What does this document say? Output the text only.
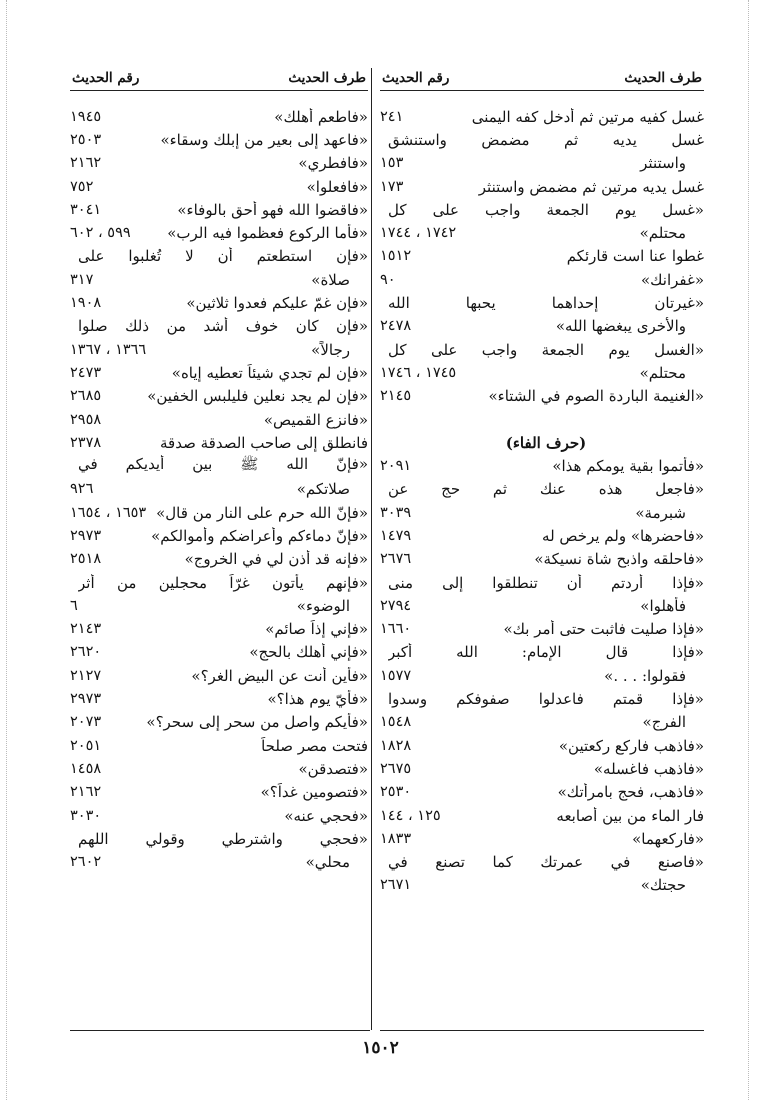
طرف الحديث
رقم الحديث
غسل كفيه مرتين ثم أدخل كفه اليمنى
٢٤١
غسل يديه ثم مضمض واستنشق
واستنثر
١٥٣
غسل يديه مرتين ثم مضمض واستنثر
١٧٣
«غسل يوم الجمعة واجب على كل
محتلم»
١٧٤٢ ، ١٧٤٤
غطوا عنا است قارئكم
١٥١٢
«غفرانك»
٩٠
«غيرتان إحداهما يحبها الله
والأخرى يبغضها الله»
٢٤٧٨
«الغسل يوم الجمعة واجب على كل
محتلم»
١٧٤٥ ، ١٧٤٦
«الغنيمة الباردة الصوم في الشتاء»
٢١٤٥
(حرف الفاء)
«فأتموا بقية يومكم هذا»
٢٠٩١
«فاجعل هذه عنك ثم حج عن
شبرمة»
٣٠٣٩
«فاحضرها» ولم يرخص له
١٤٧٩
«فاحلقه واذبح شاة نسيكة»
٢٦٧٦
«فإذا أردتم أن تنطلقوا إلى منى
فأهلوا»
٢٧٩٤
«فإذا صليت فاثبت حتى أمر بك»
١٦٦٠
«فإذا قال الإمام: الله أكبر
فقولوا: . . .»
١٥٧٧
«فإذا قمتم فاعدلوا صفوفكم وسدوا
الفرج»
١٥٤٨
«فاذهب فاركع ركعتين»
١٨٢٨
«فاذهب فاغسله»
٢٦٧٥
«فاذهب، فحج بامرأتك»
٢٥٣٠
فار الماء من بين أصابعه
١٢٥ ، ١٤٤
«فاركعهما»
١٨٣٣
«فاصنع في عمرتك كما تصنع في
حجتك»
٢٦٧١
طرف الحديث
رقم الحديث
«فاطعم أهلك»
١٩٤٥
«فاعهد إلى بعير من إبلك وسقاء»
٢٥٠٣
«فافطري»
٢١٦٢
«فافعلوا»
٧٥٢
«فاقضوا الله فهو أحق بالوفاء»
٣٠٤١
«فأما الركوع فعظموا فيه الرب»
٥٩٩ ، ٦٠٢
«فإن استطعتم أن لا تُغلبوا على
صلاة»
٣١٧
«فإن غمّ عليكم فعدوا ثلاثين»
١٩٠٨
«فإن كان خوف أشد من ذلك صلوا
رجالاً»
١٣٦٦ ، ١٣٦٧
«فإن لم تجدي شيئاً تعطيه إياه»
٢٤٧٣
«فإن لم يجد نعلين فليلبس الخفين»
٢٦٨٥
«فانزع القميص»
٢٩٥٨
فانطلق إلى صاحب الصدقة صدقة
٢٣٧٨
«فإنّ الله ﷺ بين أيديكم في
صلاتكم»
٩٢٦
«فإنّ الله حرم على النار من قال»
١٦٥٣ ، ١٦٥٤
«فإنّ دماءكم وأعراضكم وأموالكم»
٢٩٧٣
«فإنه قد أذن لي في الخروج»
٢٥١٨
«فإنهم يأتون غرّاً محجلين من أثر
الوضوء»
٦
«فإني إذاً صائم»
٢١٤٣
«فإني أهلك بالحج»
٢٦٢٠
«فأين أنت عن البيض الغر؟»
٢١٢٧
«فأيّ يوم هذا؟»
٢٩٧٣
«فأيكم واصل من سحر إلى سحر؟»
٢٠٧٣
فتحت مصر صلحاً
٢٠٥١
«فتصدقن»
١٤٥٨
«فتصومين غداً؟»
٢١٦٢
«فحجي عنه»
٣٠٣٠
«فحجي واشترطي وقولي اللهم
محلي»
٢٦٠٢
١٥٠٢
